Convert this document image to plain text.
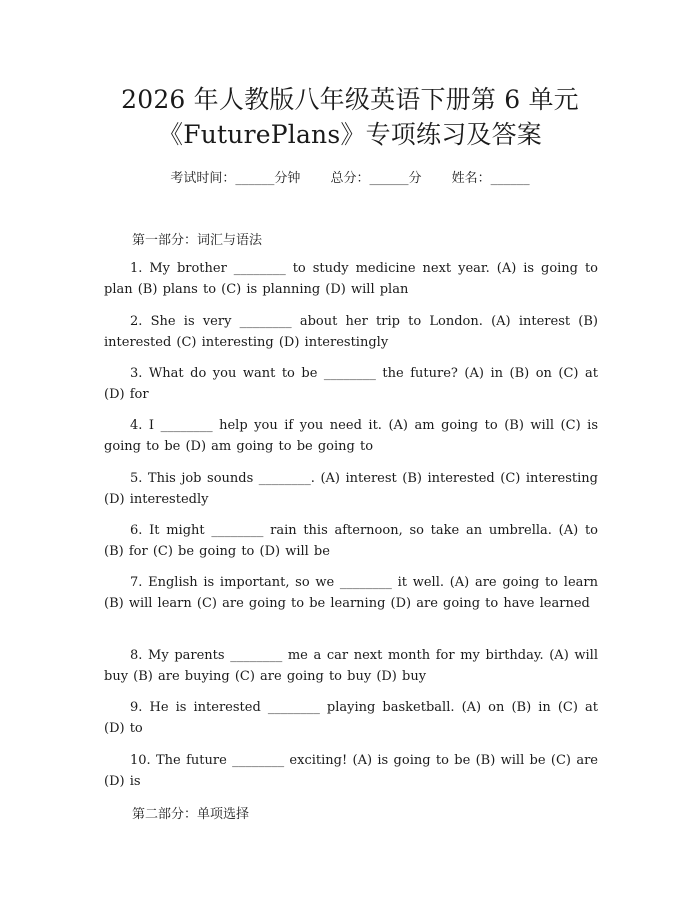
2026 年人教版八年级英语下册第 6 单元
《FuturePlans》专项练习及答案
考试时间：______分钟 总分：______分 姓名：______
第一部分：词汇与语法

1. My brother ________ to study medicine next year. (A) is going to plan (B) plans to (C) is planning (D) will plan

2. She is very ________ about her trip to London. (A) interest (B) interested (C) interesting (D) interestingly

3. What do you want to be ________ the future? (A) in (B) on (C) at (D) for

4. I ________ help you if you need it. (A) am going to (B) will (C) is going to be (D) am going to be going to

5. This job sounds ________. (A) interest (B) interested (C) interesting (D) interestedly

6. It might ________ rain this afternoon, so take an umbrella. (A) to (B) for (C) be going to (D) will be

7. English is important, so we ________ it well. (A) are going to learn (B) will learn (C) are going to be learning (D) are going to have learned

8. My parents ________ me a car next month for my birthday. (A) will buy (B) are buying (C) are going to buy (D) buy

9. He is interested ________ playing basketball. (A) on (B) in (C) at (D) to

10. The future ________ exciting! (A) is going to be (B) will be (C) are (D) is

第二部分：单项选择
